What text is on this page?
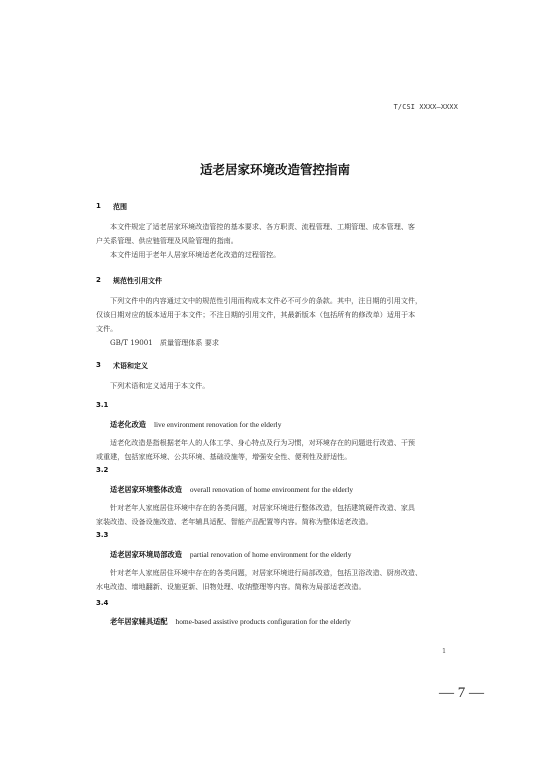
T/CSI XXXX—XXXX
适老居家环境改造管控指南
1 范围
本文件规定了适老居家环境改造管控的基本要求、各方职责、流程管理、工期管理、成本管理、客
户关系管理、供应链管理及风险管理的指南。
本文件适用于老年人居家环境适老化改造的过程管控。
2 规范性引用文件
下列文件中的内容通过文中的规范性引用而构成本文件必不可少的条款。其中，注日期的引用文件，
仅该日期对应的版本适用于本文件；不注日期的引用文件，其最新版本（包括所有的修改单）适用于本
文件。
GB/T 19001　质量管理体系 要求
3 术语和定义
下列术语和定义适用于本文件。
3.1
适老化改造 live environment renovation for the elderly
适老化改造是指根据老年人的人体工学、身心特点及行为习惯，对环境存在的问题进行改造、干预
或重建，包括家庭环境、公共环境、基础设施等，增强安全性、便利性及舒适性。
3.2
适老居家环境整体改造 overall renovation of home environment for the elderly
针对老年人家庭居住环境中存在的各类问题，对居家环境进行整体改造，包括建筑硬件改造、家具
家装改造、设备设施改造、老年辅具适配、智能产品配置等内容。简称为整体适老改造。
3.3
适老居家环境局部改造 partial renovation of home environment for the elderly
针对老年人家庭居住环境中存在的各类问题，对居家环境进行局部改造，包括卫浴改造、厨房改造、
水电改造、墙地翻新、设施更新、旧物处理、收纳整理等内容。简称为局部适老改造。
3.4
老年居家辅具适配 home-based assistive products configuration for the elderly
1
— 7 —
